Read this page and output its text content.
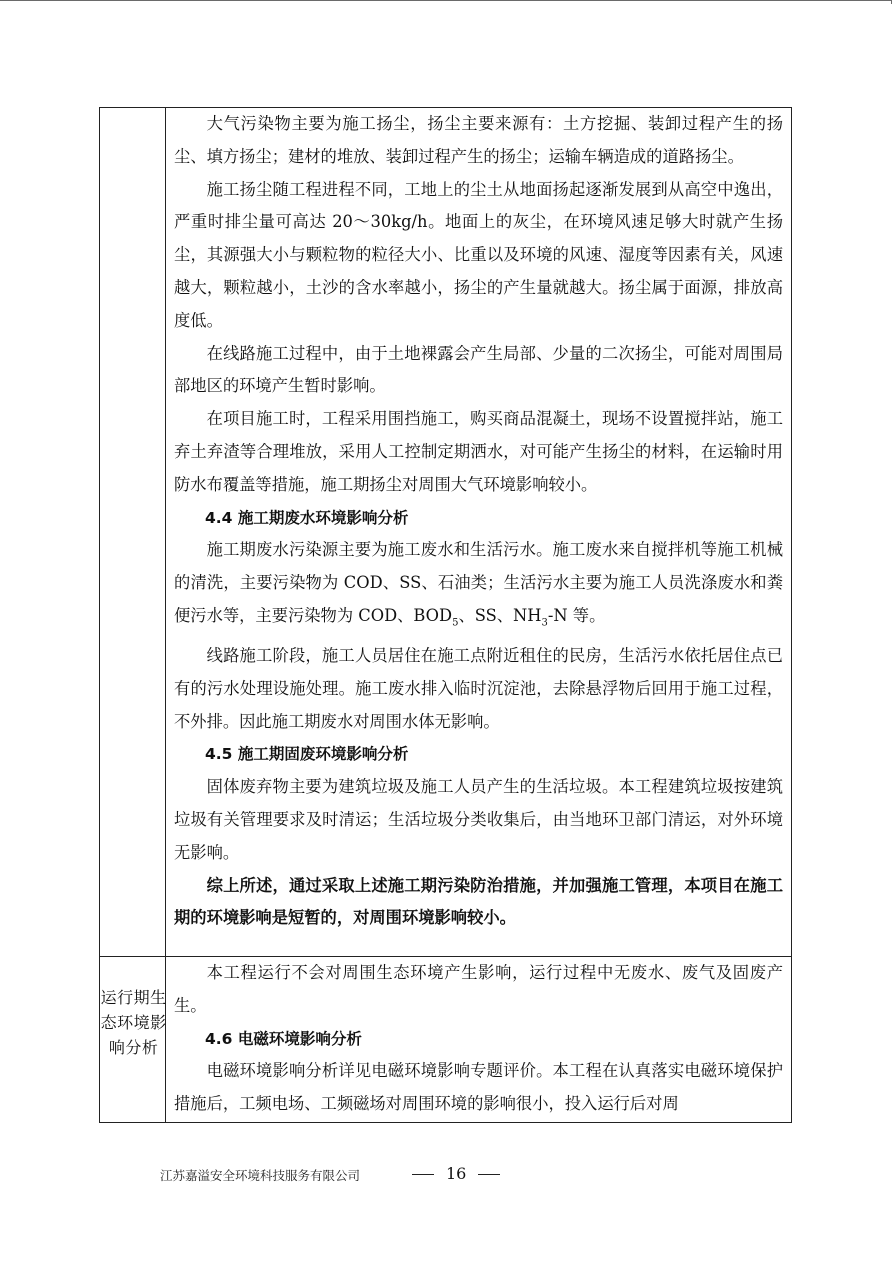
大气污染物主要为施工扬尘，扬尘主要来源有：土方挖掘、装卸过程产生的扬尘、填方扬尘；建材的堆放、装卸过程产生的扬尘；运输车辆造成的道路扬尘。

施工扬尘随工程进程不同，工地上的尘土从地面扬起逐渐发展到从高空中逸出，严重时排尘量可高达 20～30kg/h。地面上的灰尘，在环境风速足够大时就产生扬尘，其源强大小与颗粒物的粒径大小、比重以及环境的风速、湿度等因素有关，风速越大，颗粒越小，土沙的含水率越小，扬尘的产生量就越大。扬尘属于面源，排放高度低。

在线路施工过程中，由于土地裸露会产生局部、少量的二次扬尘，可能对周围局部地区的环境产生暂时影响。

在项目施工时，工程采用围挡施工，购买商品混凝土，现场不设置搅拌站，施工弃土弃渣等合理堆放，采用人工控制定期洒水，对可能产生扬尘的材料，在运输时用防水布覆盖等措施，施工期扬尘对周围大气环境影响较小。

4.4 施工期废水环境影响分析

施工期废水污染源主要为施工废水和生活污水。施工废水来自搅拌机等施工机械的清洗，主要污染物为 COD、SS、石油类；生活污水主要为施工人员洗涤废水和粪便污水等，主要污染物为 COD、$BOD_5$、SS、$NH_3-N$ 等。

线路施工阶段，施工人员居住在施工点附近租住的民房，生活污水依托居住点已有的污水处理设施处理。施工废水排入临时沉淀池，去除悬浮物后回用于施工过程，不外排。因此施工期废水对周围水体无影响。

4.5 施工期固废环境影响分析

固体废弃物主要为建筑垃圾及施工人员产生的生活垃圾。本工程建筑垃圾按建筑垃圾有关管理要求及时清运；生活垃圾分类收集后，由当地环卫部门清运，对外环境无影响。

综上所述，通过采取上述施工期污染防治措施，并加强施工管理，本项目在施工期的环境影响是短暂的，对周围环境影响较小。

运行期生态环境影响分析

本工程运行不会对周围生态环境产生影响，运行过程中无废水、废气及固废产生。

4.6 电磁环境影响分析

电磁环境影响分析详见电磁环境影响专题评价。本工程在认真落实电磁环境保护措施后，工频电场、工频磁场对周围环境的影响很小，投入运行后对周

江苏嘉溢安全环境科技服务有限公司	16
